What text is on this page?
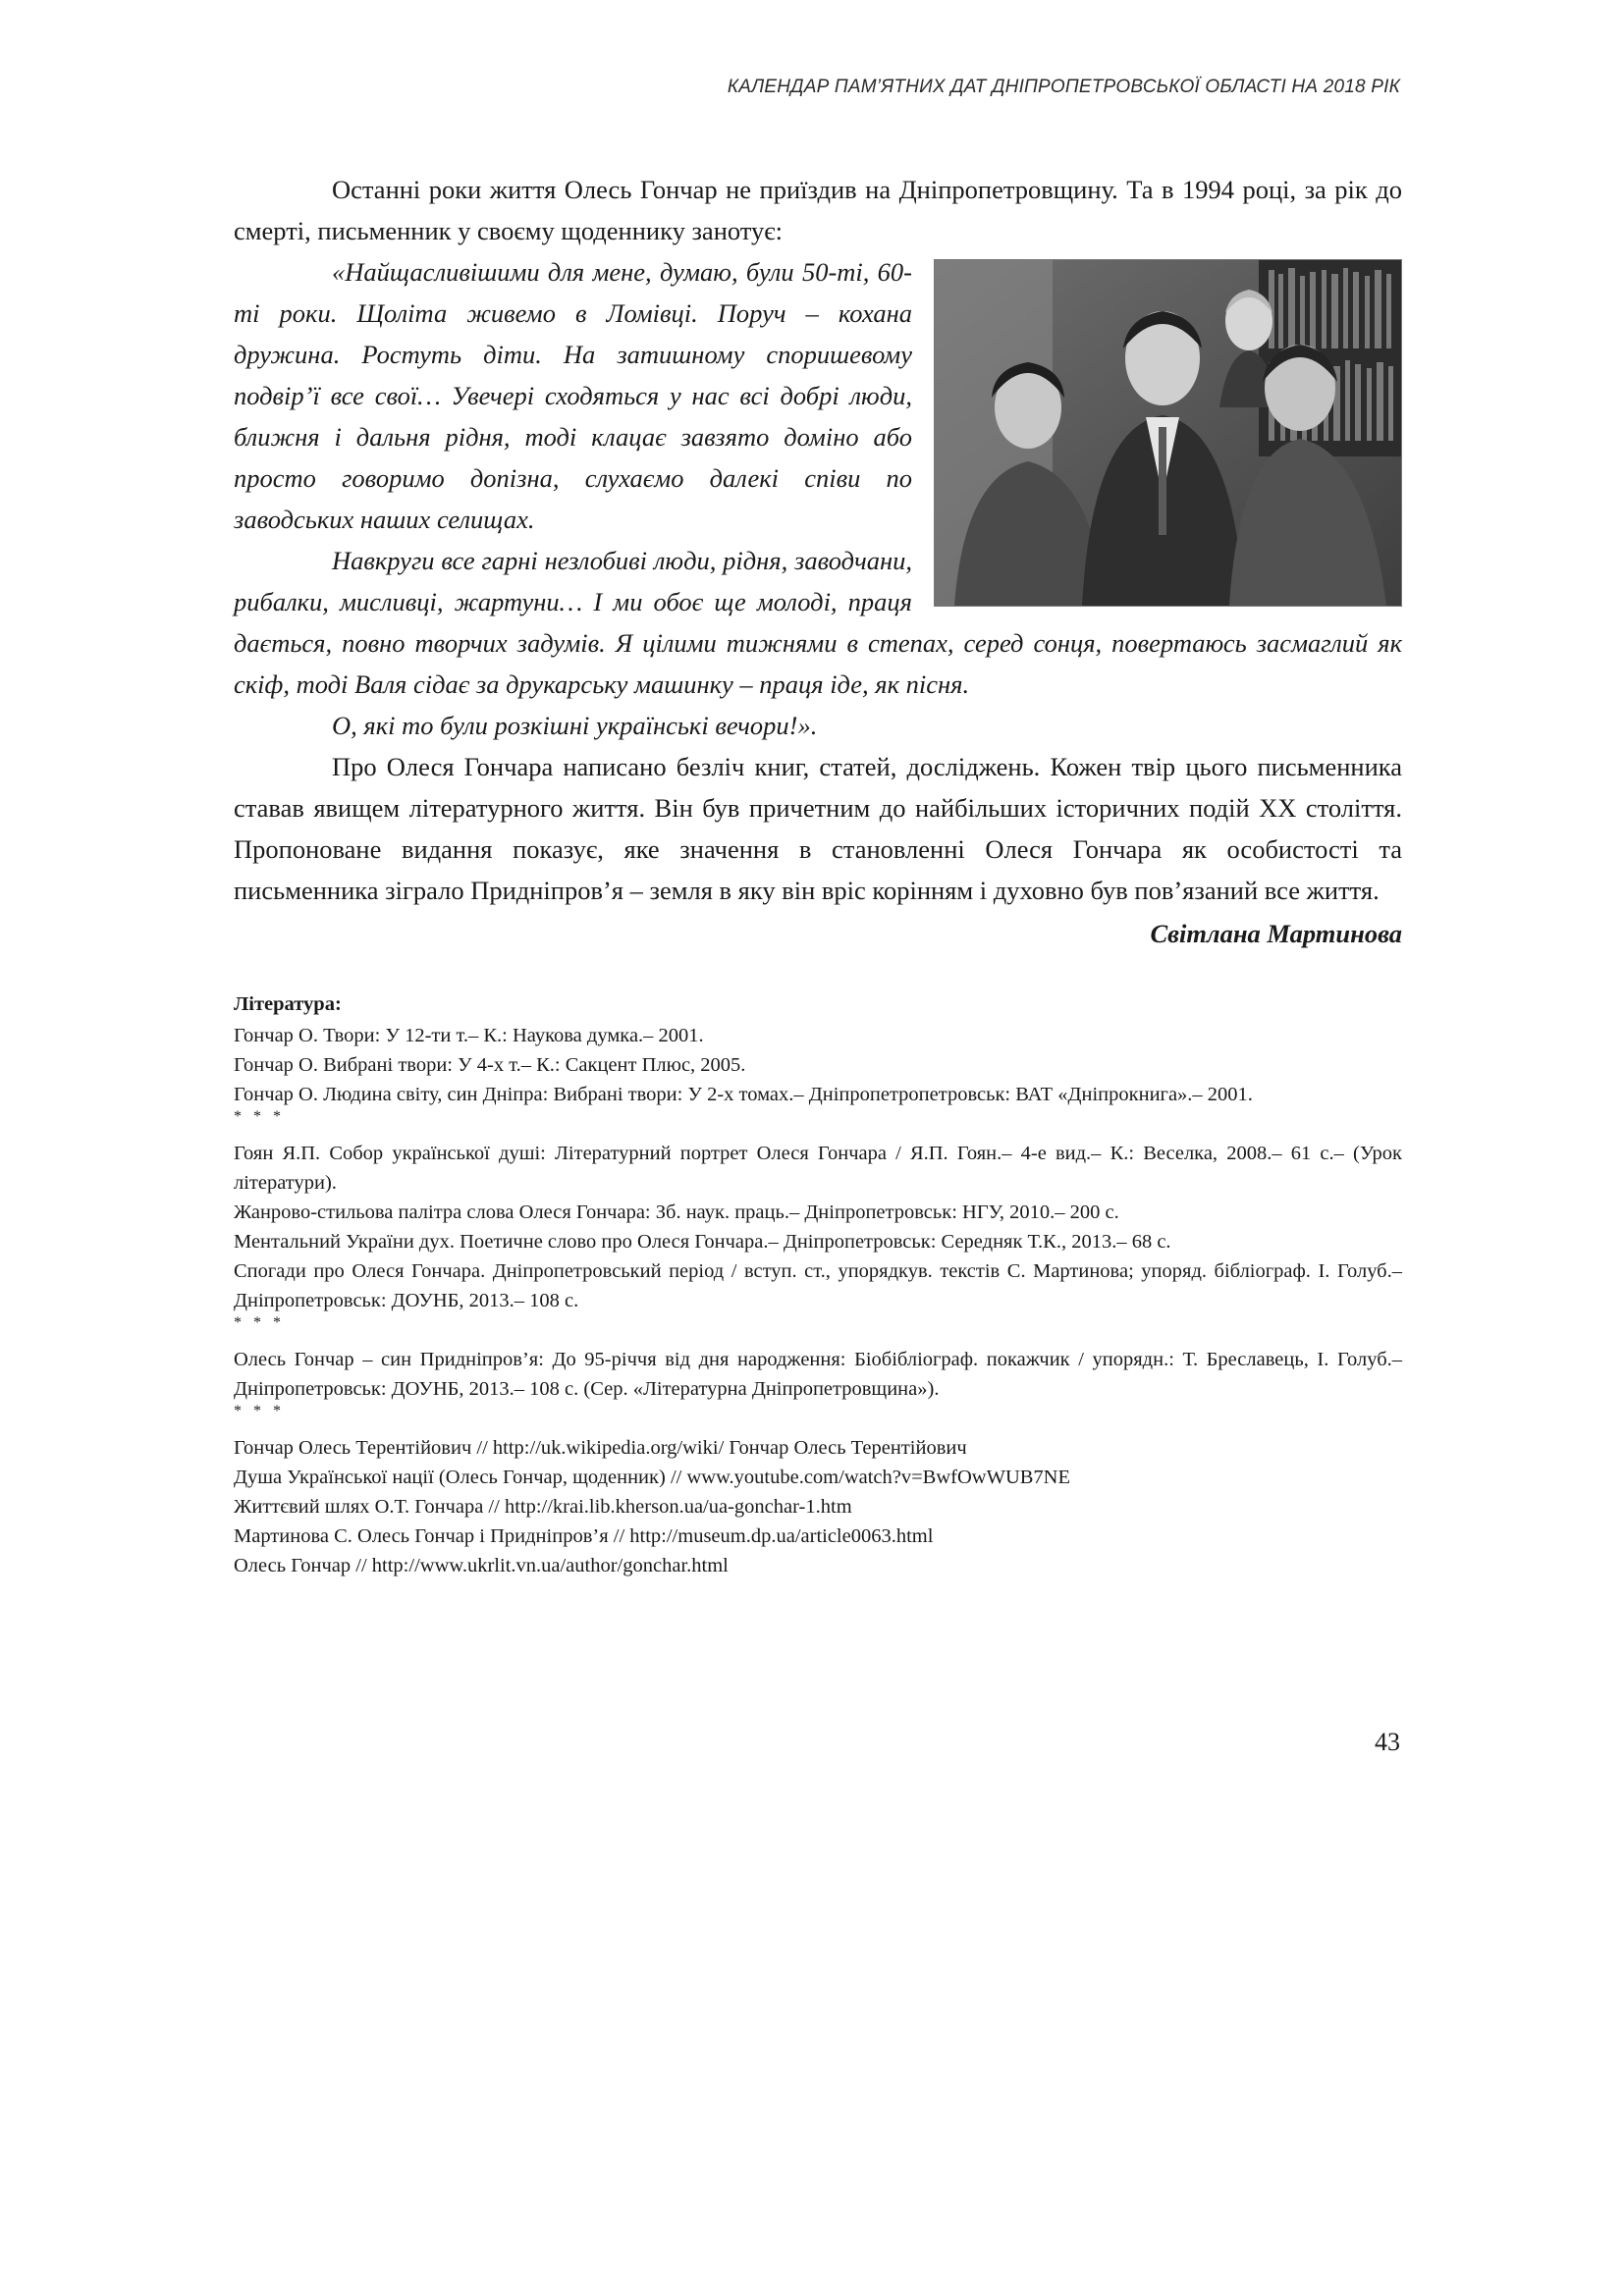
КАЛЕНДАР ПАМ’ЯТНИХ ДАТ ДНІПРОПЕТРОВСЬКОЇ ОБЛАСТІ НА 2018 РІК

Останні роки життя Олесь Гончар не приїздив на Дніпропетровщину. Та в 1994 році, за рік до смерті, письменник у своєму щоденнику занотує:

«Найщасливішими для мене, думаю, були 50-ті, 60-ті роки. Щоліта живемо в Ломівці. Поруч – кохана дружина. Ростуть діти. На затишному споришевому подвір’ї все свої… Увечері сходяться у нас всі добрі люди, ближня і дальня рідня, тоді клацає завзято доміно або просто говоримо допізна, слухаємо далекі співи по заводських наших селищах.

Навкруги все гарні незлобиві люди, рідня, заводчани, рибалки, мисливці, жартуни… І ми обоє ще молоді, праця дається, повно творчих задумів. Я цілими тижнями в степах, серед сонця, повертаюсь засмаглий як скіф, тоді Валя сідає за друкарську машинку – праця іде, як пісня.

О, які то були розкішні українські вечори!».

Про Олеся Гончара написано безліч книг, статей, досліджень. Кожен твір цього письменника ставав явищем літературного життя. Він був причетним до найбільших історичних подій ХХ століття. Пропоноване видання показує, яке значення в становленні Олеся Гончара як особистості та письменника зіграло Придніпров’я – земля в яку він вріс корінням і духовно був пов’язаний все життя.

Світлана Мартинова

Література:

Гончар О. Твори: У 12-ти т.– К.: Наукова думка.– 2001.

Гончар О. Вибрані твори: У 4-х т.– К.: Сакцент Плюс, 2005.

Гончар О. Людина світу, син Дніпра: Вибрані твори: У 2-х томах.– Дніпропетропетровськ: ВАТ «Дніпрокнига».– 2001.

* * *

Гоян Я.П. Собор української душі: Літературний портрет Олеся Гончара / Я.П. Гоян.– 4-е вид.– К.: Веселка, 2008.– 61 с.– (Урок літератури).

Жанрово-стильова палітра слова Олеся Гончара: Зб. наук. праць.– Дніпропетровськ: НГУ, 2010.– 200 с.

Ментальний України дух. Поетичне слово про Олеся Гончара.– Дніпропетровськ: Середняк Т.К., 2013.– 68 с.

Спогади про Олеся Гончара. Дніпропетровський період / вступ. ст., упорядкув. текстів С. Мартинова; упоряд. бібліограф. І. Голуб.– Дніпропетровськ: ДОУНБ, 2013.– 108 с.

* * *

Олесь Гончар – син Придніпров’я: До 95-річчя від дня народження: Біобібліограф. покажчик / упорядн.: Т. Бреславець, І. Голуб.– Дніпропетровськ: ДОУНБ, 2013.– 108 с. (Сер. «Літературна Дніпропетровщина»).

* * *

Гончар Олесь Терентійович // http://uk.wikipedia.org/wiki/ Гончар Олесь Терентійович

Душа Української нації (Олесь Гончар, щоденник) // www.youtube.com/watch?v=BwfOwWUB7NE

Життєвий шлях О.Т. Гончара // http://krai.lib.kherson.ua/ua-gonchar-1.htm

Мартинова С. Олесь Гончар і Придніпров’я // http://museum.dp.ua/article0063.html

Олесь Гончар // http://www.ukrlit.vn.ua/author/gonchar.html

43
